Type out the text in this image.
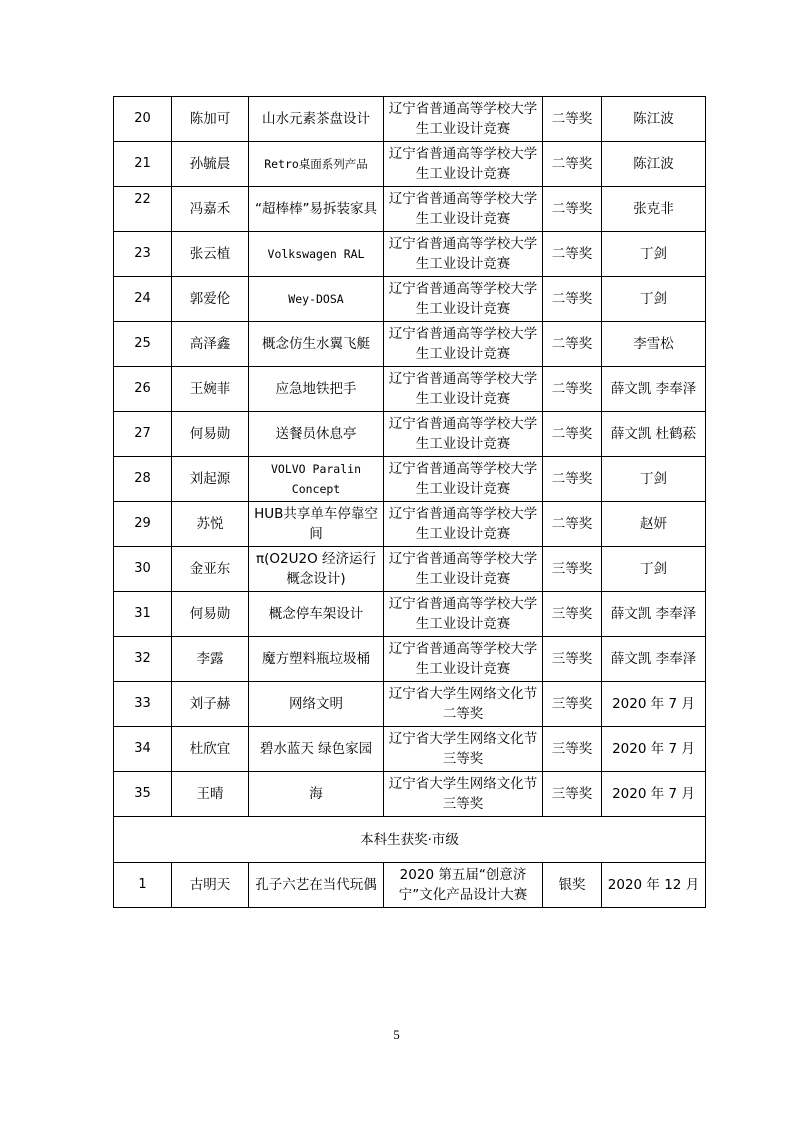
20	陈加可	山水元素茶盘设计	辽宁省普通高等学校大学生工业设计竞赛	二等奖	陈江波
21	孙毓晨	Retro桌面系列产品	辽宁省普通高等学校大学生工业设计竞赛	二等奖	陈江波
22	冯嘉禾	“超棒棒”易拆装家具	辽宁省普通高等学校大学生工业设计竞赛	二等奖	张克非
23	张云植	Volkswagen RAL	辽宁省普通高等学校大学生工业设计竞赛	二等奖	丁剑
24	郭爱伦	Wey-DOSA	辽宁省普通高等学校大学生工业设计竞赛	二等奖	丁剑
25	高泽鑫	概念仿生水翼飞艇	辽宁省普通高等学校大学生工业设计竞赛	二等奖	李雪松
26	王婉菲	应急地铁把手	辽宁省普通高等学校大学生工业设计竞赛	二等奖	薛文凯 李奉泽
27	何易勋	送餐员休息亭	辽宁省普通高等学校大学生工业设计竞赛	二等奖	薛文凯 杜鹤菘
28	刘起源	VOLVO Paralin Concept	辽宁省普通高等学校大学生工业设计竞赛	二等奖	丁剑
29	苏悦	HUB共享单车停靠空间	辽宁省普通高等学校大学生工业设计竞赛	二等奖	赵妍
30	金亚东	π(O2U2O 经济运行概念设计)	辽宁省普通高等学校大学生工业设计竞赛	三等奖	丁剑
31	何易勋	概念停车架设计	辽宁省普通高等学校大学生工业设计竞赛	三等奖	薛文凯 李奉泽
32	李露	魔方塑料瓶垃圾桶	辽宁省普通高等学校大学生工业设计竞赛	三等奖	薛文凯 李奉泽
33	刘子赫	网络文明	辽宁省大学生网络文化节二等奖	三等奖	2020 年 7 月
34	杜欣宜	碧水蓝天 绿色家园	辽宁省大学生网络文化节三等奖	三等奖	2020 年 7 月
35	王晴	海	辽宁省大学生网络文化节三等奖	三等奖	2020 年 7 月
本科生获奖·市级					
1	古明天	孔子六艺在当代玩偶	2020 第五届“创意济宁”文化产品设计大赛	银奖	2020 年 12 月
5
